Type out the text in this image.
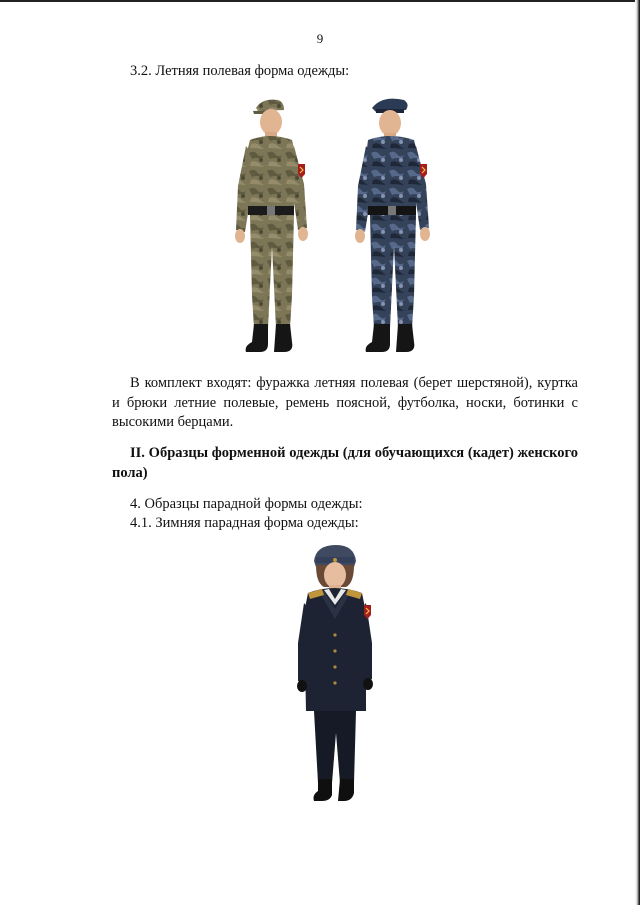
9
3.2. Летняя полевая форма одежды:
В комплект входят: фуражка летняя полевая (берет шерстяной), куртка и брюки летние полевые, ремень поясной, футболка, носки, ботинки с высокими берцами.
II. Образцы форменной одежды (для обучающихся (кадет) женского пола)
4. Образцы парадной формы одежды:
4.1. Зимняя парадная форма одежды:
